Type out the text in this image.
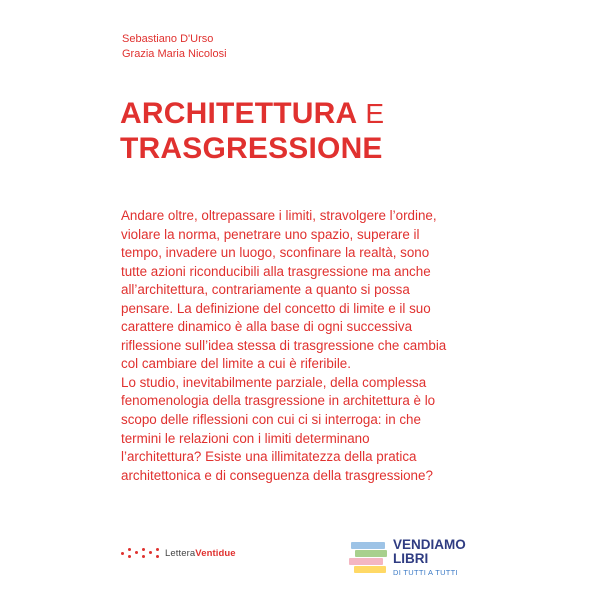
Sebastiano D'Urso
Grazia Maria Nicolosi
ARCHITETTURA E
TRASGRESSIONE

Andare oltre, oltrepassare i limiti, stravolgere l’ordine, violare la norma, penetrare uno spazio, superare il tempo, invadere un luogo, sconfinare la realtà, sono tutte azioni riconducibili alla trasgressione ma anche all’architettura, contrariamente a quanto si possa pensare. La definizione del concetto di limite e il suo carattere dinamico è alla base di ogni successiva riflessione sull’idea stessa di trasgressione che cambia col cambiare del limite a cui è riferibile.

Lo studio, inevitabilmente parziale, della complessa fenomenologia della trasgressione in architettura è lo scopo delle riflessioni con cui ci si interroga: in che termini le relazioni con i limiti determinano l’architettura? Esiste una illimitatezza della pratica architettonica e di conseguenza della trasgressione?

LetteraVentidue
VENDIAMO
LIBRI
DI TUTTI A TUTTI
